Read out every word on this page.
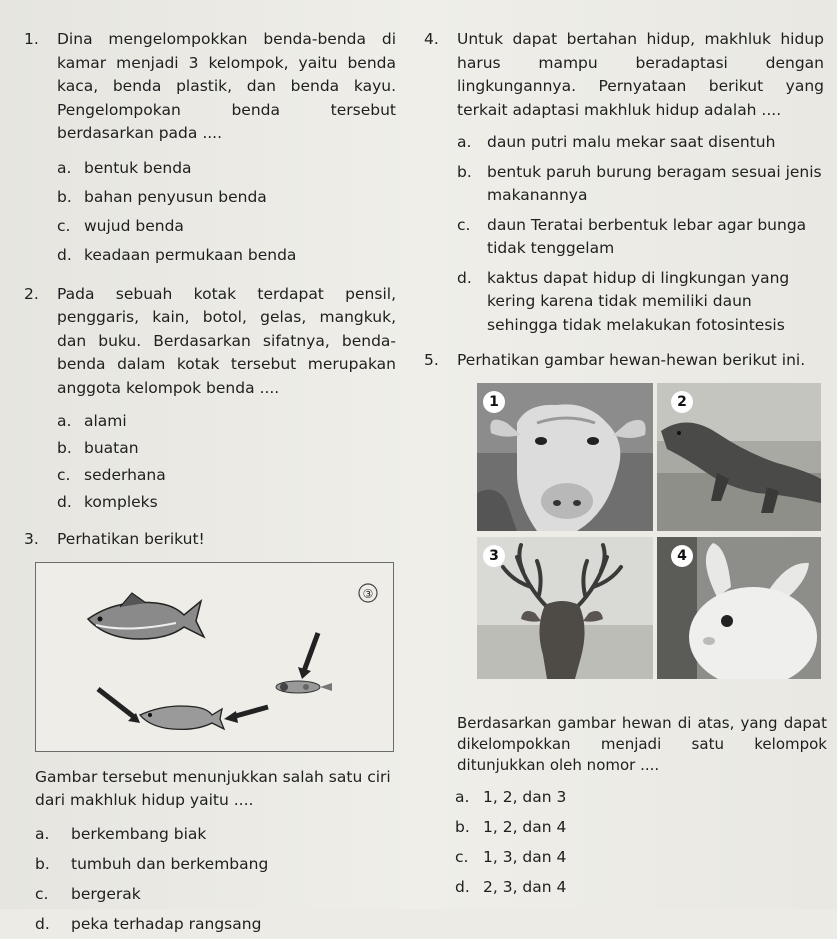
1. Dina mengelompokkan benda-benda di kamar menjadi 3 kelompok, yaitu benda kaca, benda plastik, dan benda kayu. Pengelompokan benda tersebut berdasarkan pada ....

a. bentuk benda
b. bahan penyusun benda
c. wujud benda
d. keadaan permukaan benda
2. Pada sebuah kotak terdapat pensil, penggaris, kain, botol, gelas, mangkuk, dan buku. Berdasarkan sifatnya, benda-benda dalam kotak tersebut merupakan anggota kelompok benda ....

a. alami
b. buatan
c. sederhana
d. kompleks
3. Perhatikan berikut!

③
Gambar tersebut menunjukkan salah satu ciri dari makhluk hidup yaitu ....
a. berkembang biak
b. tumbuh dan berkembang
c. bergerak
d. peka terhadap rangsang
4. Untuk dapat bertahan hidup, makhluk hidup harus mampu beradaptasi dengan lingkungannya. Pernyataan berikut yang terkait adaptasi makhluk hidup adalah ....

a. daun putri malu mekar saat disentuh
b. bentuk paruh burung beragam sesuai jenis makanannya
c. daun Teratai berbentuk lebar agar bunga tidak tenggelam
d. kaktus dapat hidup di lingkungan yang kering karena tidak memiliki daun sehingga tidak melakukan fotosintesis
5. Perhatikan gambar hewan-hewan berikut ini.

1	2
3	4

Berdasarkan gambar hewan di atas, yang dapat dikelompokkan menjadi satu kelompok ditunjukkan oleh nomor ....

a. 1, 2, dan 3
b. 1, 2, dan 4
c. 1, 3, dan 4
d. 2, 3, dan 4
